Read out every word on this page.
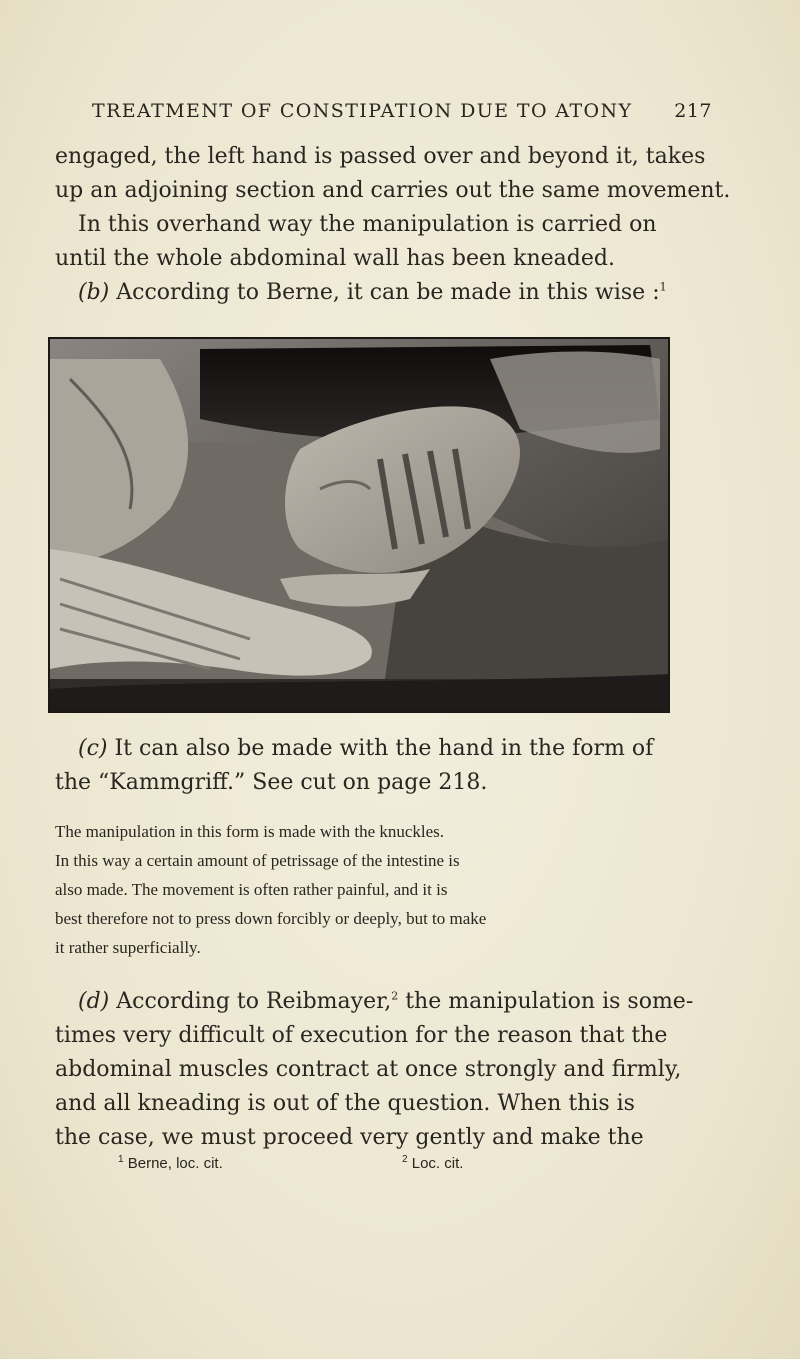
TREATMENT OF CONSTIPATION DUE TO ATONY 217
engaged, the left hand is passed over and beyond it, takes
up an adjoining section and carries out the same movement.
In this overhand way the manipulation is carried on
until the whole abdominal wall has been kneaded.
(b) According to Berne, it can be made in this wise :$^1$
(c) It can also be made with the hand in the form of
the “Kammgriff.” See cut on page 218.
The manipulation in this form is made with the knuckles.
In this way a certain amount of petrissage of the intestine is
also made. The movement is often rather painful, and it is
best therefore not to press down forcibly or deeply, but to make
it rather superficially.
(d) According to Reibmayer,$^2$ the manipulation is some-
times very difficult of execution for the reason that the
abdominal muscles contract at once strongly and firmly,
and all kneading is out of the question. When this is
the case, we must proceed very gently and make the
$^1$ Berne, loc. cit.	$^2$ Loc. cit.
